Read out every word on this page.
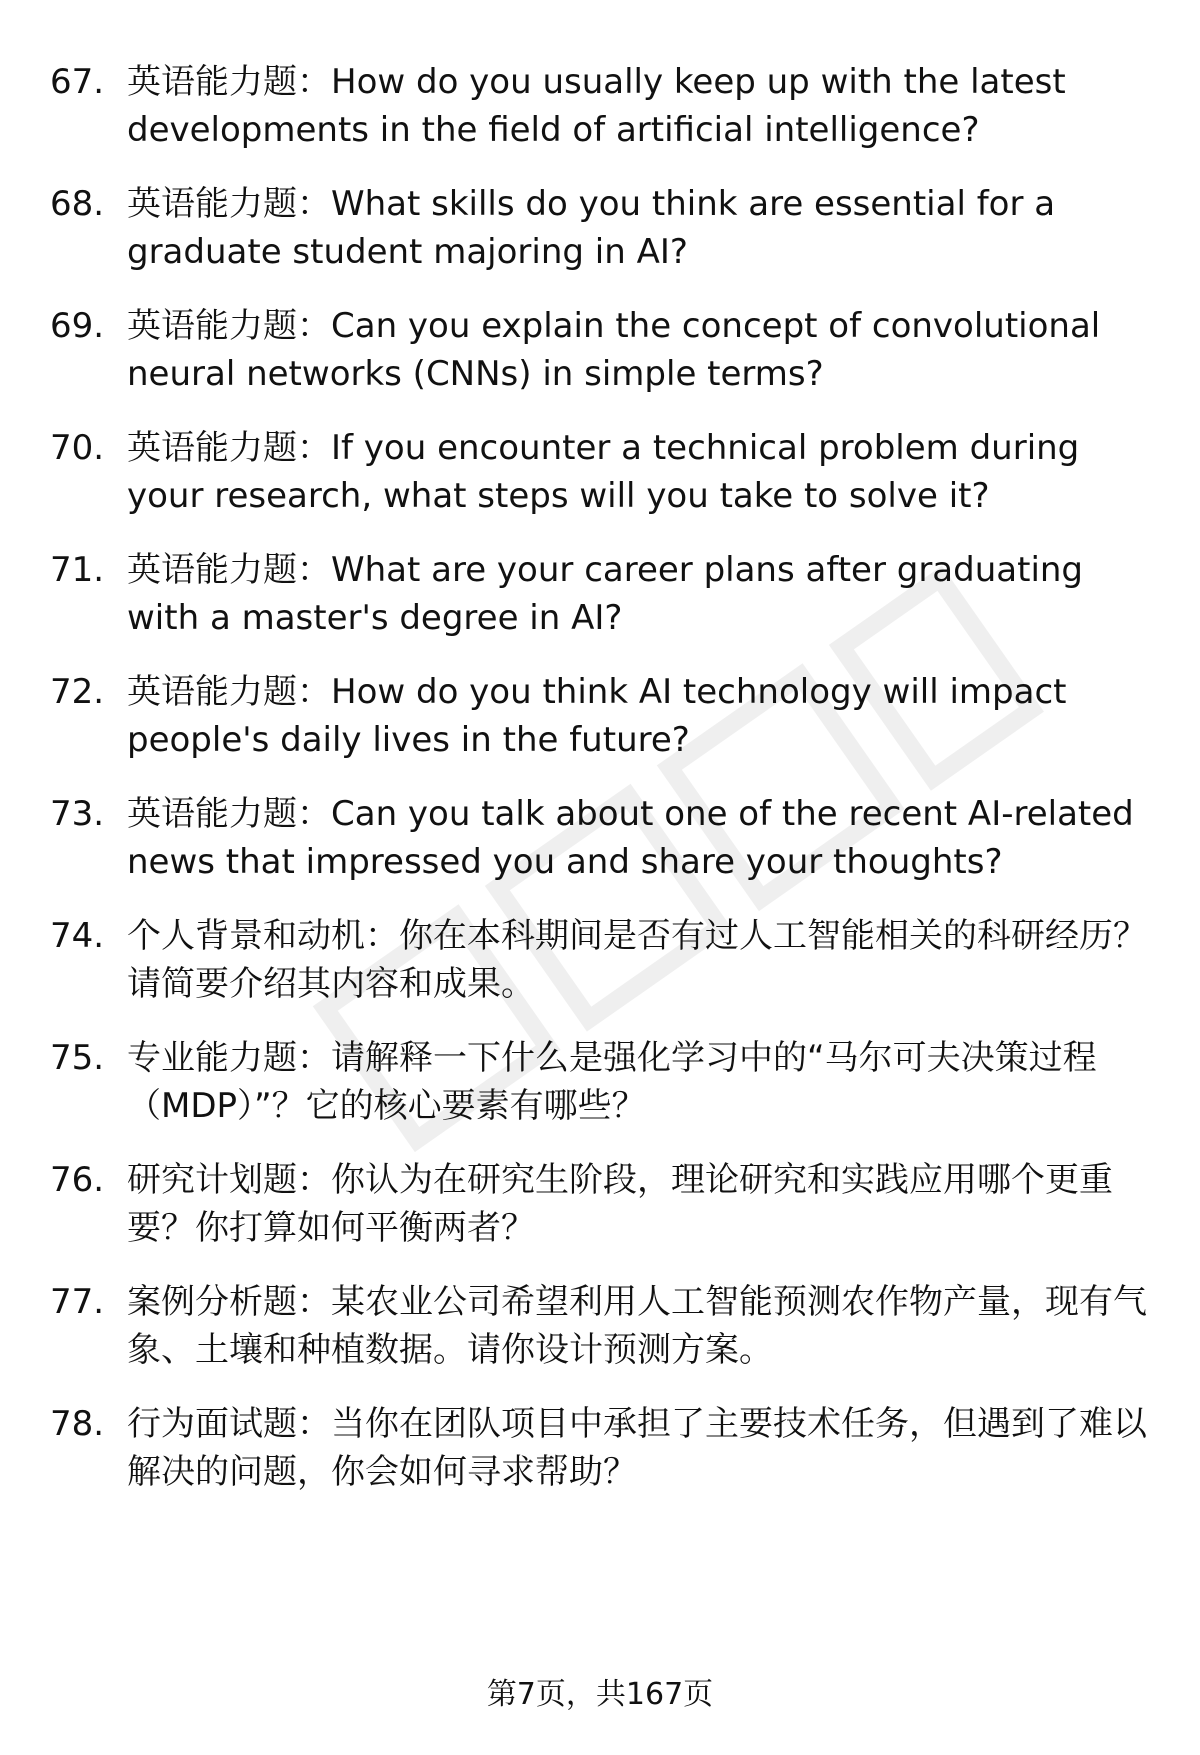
67. 英语能力题：How do you usually keep up with the latest developments in the field of artificial intelligence?
68. 英语能力题：What skills do you think are essential for a graduate student majoring in AI?
69. 英语能力题：Can you explain the concept of convolutional neural networks (CNNs) in simple terms?
70. 英语能力题：If you encounter a technical problem during your research, what steps will you take to solve it?
71. 英语能力题：What are your career plans after graduating with a master's degree in AI?
72. 英语能力题：How do you think AI technology will impact people's daily lives in the future?
73. 英语能力题：Can you talk about one of the recent AI-related news that impressed you and share your thoughts?
74. 个人背景和动机：你在本科期间是否有过人工智能相关的科研经历？请简要介绍其内容和成果。
75. 专业能力题：请解释一下什么是强化学习中的“马尔可夫决策过程（MDP）”？它的核心要素有哪些？
76. 研究计划题：你认为在研究生阶段，理论研究和实践应用哪个更重要？你打算如何平衡两者？
77. 案例分析题：某农业公司希望利用人工智能预测农作物产量，现有气象、土壤和种植数据。请你设计预测方案。
78. 行为面试题：当你在团队项目中承担了主要技术任务，但遇到了难以解决的问题，你会如何寻求帮助？
第7页，共167页
